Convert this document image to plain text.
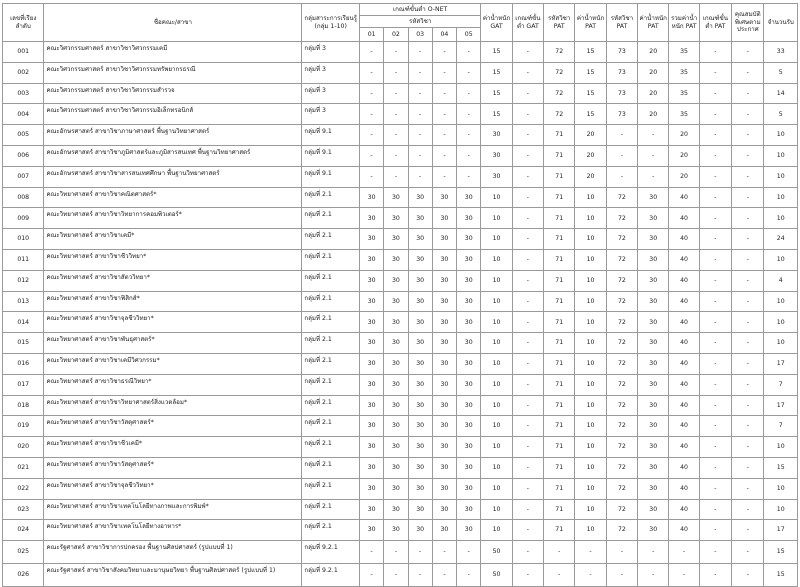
เลขที่เรียงลำดับ	ชื่อคณะ/สาขา	กลุ่มสาระการเรียนรู้ (กลุ่ม 1-10)	เกณฑ์ขั้นต่ำ O-NET					ค่าน้ำหนัก GAT	เกณฑ์ขั้นต่ำ GAT	รหัสวิชา PAT	ค่าน้ำหนัก PAT	รหัสวิชา PAT	ค่าน้ำหนัก PAT	รวมค่าน้ำหนัก PAT	เกณฑ์ขั้นต่ำ PAT	คุณสมบัติพิเศษตามประกาศ	จำนวนรับ
			รหัสวิชา														
			01	02	03	04	05										
001	คณะวิศวกรรมศาสตร์ สาขาวิชาวิศวกรรมเคมี	กลุ่มที่ 3	-	-	-	-	-	15	-	72	15	73	20	35	-	-	33
002	คณะวิศวกรรมศาสตร์ สาขาวิชาวิศวกรรมทรัพยากรธรณี	กลุ่มที่ 3	-	-	-	-	-	15	-	72	15	73	20	35	-	-	5
003	คณะวิศวกรรมศาสตร์ สาขาวิชาวิศวกรรมสำรวจ	กลุ่มที่ 3	-	-	-	-	-	15	-	72	15	73	20	35	-	-	14
004	คณะวิศวกรรมศาสตร์ สาขาวิชาวิศวกรรมอิเล็กทรอนิกส์	กลุ่มที่ 3	-	-	-	-	-	15	-	72	15	73	20	35	-	-	5
005	คณะอักษรศาสตร์ สาขาวิชาภาษาศาสตร์ พื้นฐานวิทยาศาสตร์	กลุ่มที่ 9.1	-	-	-	-	-	30	-	71	20	-	-	20	-	-	10
006	คณะอักษรศาสตร์ สาขาวิชาภูมิศาสตร์และภูมิสารสนเทศ พื้นฐานวิทยาศาสตร์	กลุ่มที่ 9.1	-	-	-	-	-	30	-	71	20	-	-	20	-	-	10
007	คณะอักษรศาสตร์ สาขาวิชาสารสนเทศศึกษา พื้นฐานวิทยาศาสตร์	กลุ่มที่ 9.1	-	-	-	-	-	30	-	71	20	-	-	20	-	-	10
008	คณะวิทยาศาสตร์ สาขาวิชาคณิตศาสตร์*	กลุ่มที่ 2.1	30	30	30	30	30	10	-	71	10	72	30	40	-	-	10
009	คณะวิทยาศาสตร์ สาขาวิชาวิทยาการคอมพิวเตอร์*	กลุ่มที่ 2.1	30	30	30	30	30	10	-	71	10	72	30	40	-	-	10
010	คณะวิทยาศาสตร์ สาขาวิชาเคมี*	กลุ่มที่ 2.1	30	30	30	30	30	10	-	71	10	72	30	40	-	-	24
011	คณะวิทยาศาสตร์ สาขาวิชาชีววิทยา*	กลุ่มที่ 2.1	30	30	30	30	30	10	-	71	10	72	30	40	-	-	10
012	คณะวิทยาศาสตร์ สาขาวิชาสัตววิทยา*	กลุ่มที่ 2.1	30	30	30	30	30	10	-	71	10	72	30	40	-	-	4
013	คณะวิทยาศาสตร์ สาขาวิชาฟิสิกส์*	กลุ่มที่ 2.1	30	30	30	30	30	10	-	71	10	72	30	40	-	-	10
014	คณะวิทยาศาสตร์ สาขาวิชาจุลชีววิทยา*	กลุ่มที่ 2.1	30	30	30	30	30	10	-	71	10	72	30	40	-	-	10
015	คณะวิทยาศาสตร์ สาขาวิชาพันธุศาสตร์*	กลุ่มที่ 2.1	30	30	30	30	30	10	-	71	10	72	30	40	-	-	10
016	คณะวิทยาศาสตร์ สาขาวิชาเคมีวิศวกรรม*	กลุ่มที่ 2.1	30	30	30	30	30	10	-	71	10	72	30	40	-	-	17
017	คณะวิทยาศาสตร์ สาขาวิชาธรณีวิทยา*	กลุ่มที่ 2.1	30	30	30	30	30	10	-	71	10	72	30	40	-	-	7
018	คณะวิทยาศาสตร์ สาขาวิชาวิทยาศาสตร์สิ่งแวดล้อม*	กลุ่มที่ 2.1	30	30	30	30	30	10	-	71	10	72	30	40	-	-	17
019	คณะวิทยาศาสตร์ สาขาวิชาวัสดุศาสตร์*	กลุ่มที่ 2.1	30	30	30	30	30	10	-	71	10	72	30	40	-	-	7
020	คณะวิทยาศาสตร์ สาขาวิชาชีวเคมี*	กลุ่มที่ 2.1	30	30	30	30	30	10	-	71	10	72	30	40	-	-	10
021	คณะวิทยาศาสตร์ สาขาวิชาวัสดุศาสตร์*	กลุ่มที่ 2.1	30	30	30	30	30	10	-	71	10	72	30	40	-	-	15
022	คณะวิทยาศาสตร์ สาขาวิชาจุลชีววิทยา*	กลุ่มที่ 2.1	30	30	30	30	30	10	-	71	10	72	30	40	-	-	10
023	คณะวิทยาศาสตร์ สาขาวิชาเทคโนโลยีทางภาพและการพิมพ์*	กลุ่มที่ 2.1	30	30	30	30	30	10	-	71	10	72	30	40	-	-	10
024	คณะวิทยาศาสตร์ สาขาวิชาเทคโนโลยีทางอาหาร*	กลุ่มที่ 2.1	30	30	30	30	30	10	-	71	10	72	30	40	-	-	17
025	คณะรัฐศาสตร์ สาขาวิชาการปกครอง พื้นฐานศิลปศาสตร์ (รูปแบบที่ 1)	กลุ่มที่ 9.2.1	-	-	-	-	-	50	-	-	-	-	-	-	-	-	15
026	คณะรัฐศาสตร์ สาขาวิชาสังคมวิทยาและมานุษยวิทยา พื้นฐานศิลปศาสตร์ (รูปแบบที่ 1)	กลุ่มที่ 9.2.1	-	-	-	-	-	50	-	-	-	-	-	-	-	-	15
